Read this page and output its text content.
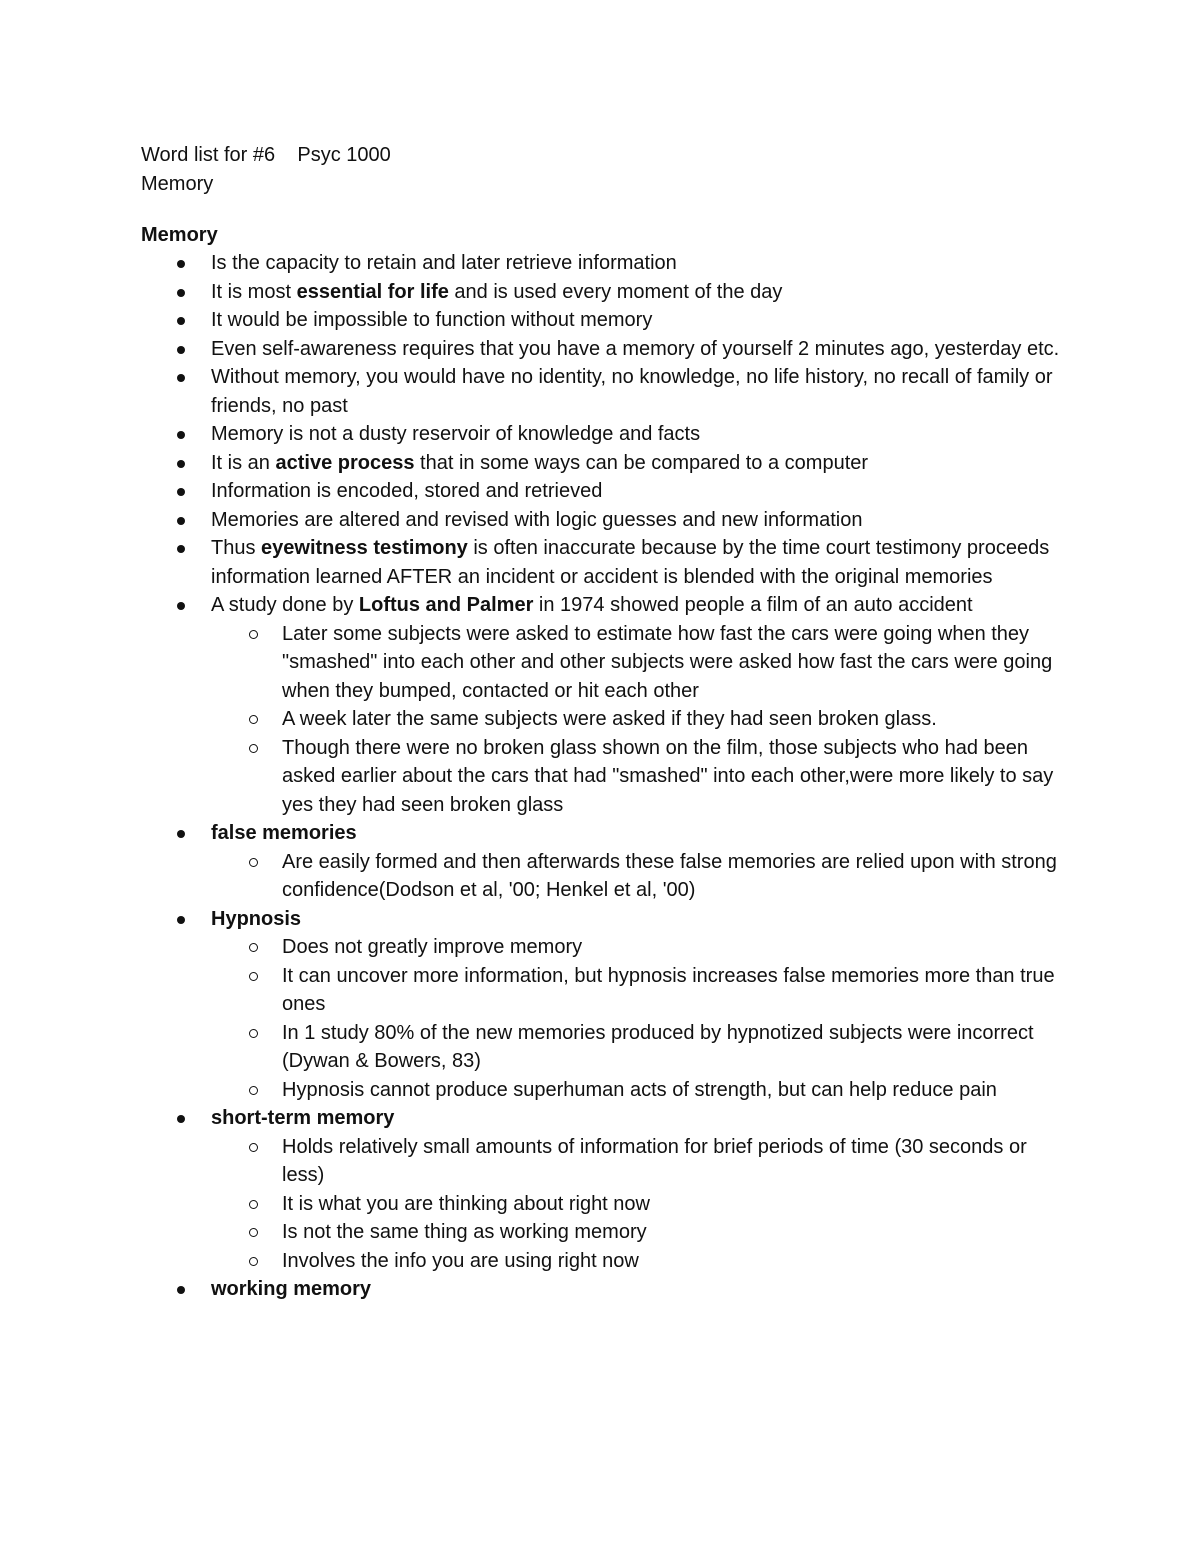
Word list for #6    Psyc 1000
Memory
Memory
Is the capacity to retain and later retrieve information
It is most essential for life and is used every moment of the day
It would be impossible to function without memory
Even self-awareness requires that you have a memory of yourself 2 minutes ago, yesterday etc.
Without memory, you would have no identity, no knowledge, no life history, no recall of family or friends, no past
Memory is not a dusty reservoir of knowledge and facts
It is an active process that in some ways can be compared to a computer
Information is encoded, stored and retrieved
Memories are altered and revised with logic guesses and new information
Thus eyewitness testimony is often inaccurate because by the time court testimony proceeds information learned AFTER an incident or accident is blended with the original memories
A study done by Loftus and Palmer in 1974 showed people a film of an auto accident
Later some subjects were asked to estimate how fast the cars were going when they "smashed" into each other and other subjects were asked how fast the cars were going when they bumped, contacted or hit each other
A week later the same subjects were asked if they had seen broken glass.
Though there were no broken glass shown on the film, those subjects who had been asked earlier about the cars that had "smashed" into each other,were more likely to say yes they had seen broken glass
false memories
Are easily formed and then afterwards these false memories are relied upon with strong confidence(Dodson et al, '00; Henkel et al, '00)
Hypnosis
Does not greatly improve memory
It can uncover more information, but hypnosis increases false memories more than true ones
In 1 study 80% of the new memories produced by hypnotized subjects were incorrect (Dywan & Bowers, 83)
Hypnosis cannot produce superhuman acts of strength, but can help reduce pain
short-term memory
Holds relatively small amounts of information for brief periods of time (30 seconds or less)
It is what you are thinking about right now
Is not the same thing as working memory
Involves the info you are using right now
working memory
